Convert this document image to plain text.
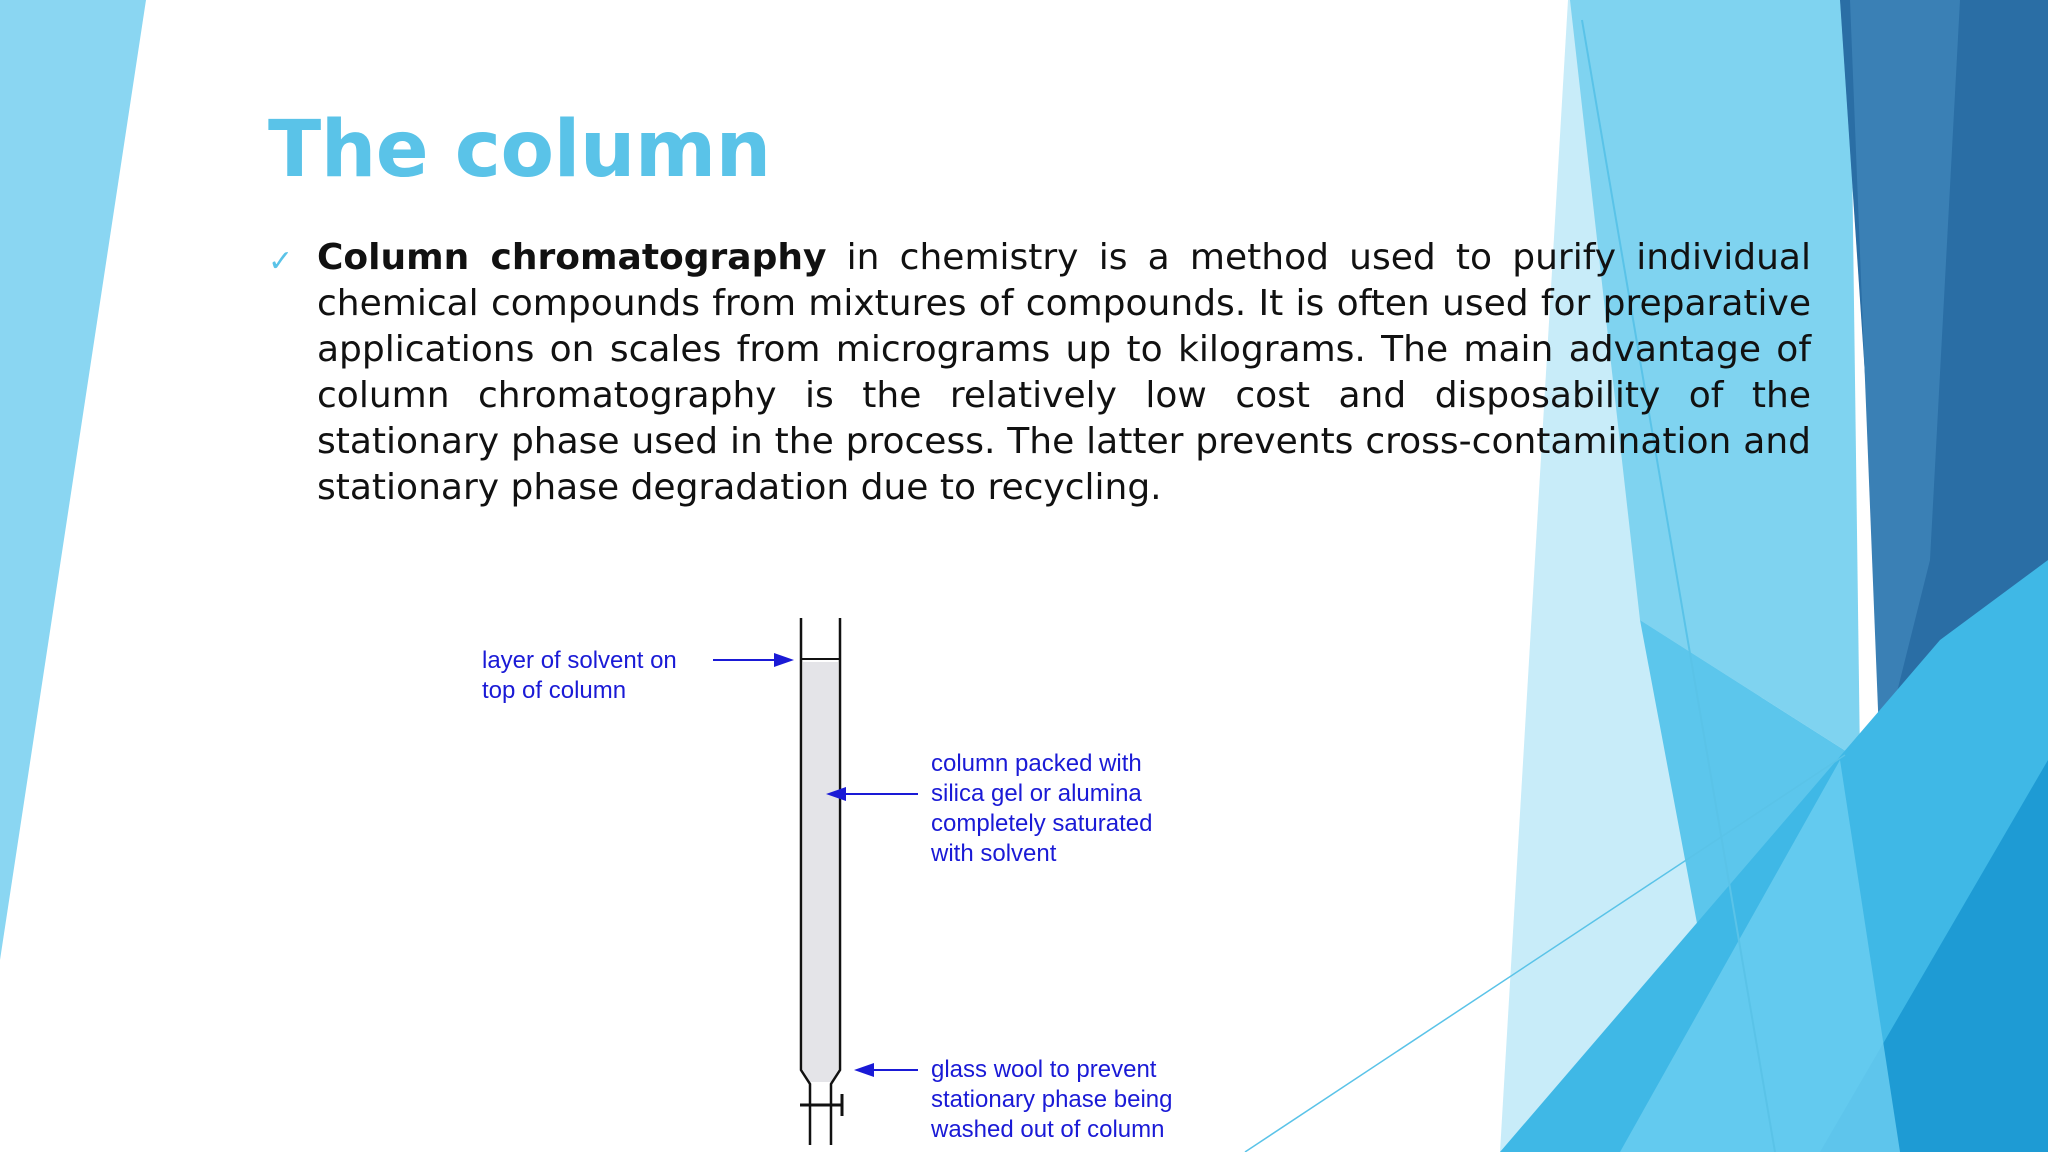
The column
✓ Column chromatography in chemistry is a method used to purify individual chemical compounds from mixtures of compounds. It is often used for preparative applications on scales from micrograms up to kilograms. The main advantage of column chromatography is the relatively low cost and disposability of the stationary phase used in the process. The latter prevents cross-contamination and stationary phase degradation due to recycling.

layer of solvent on
top of column
column packed with
silica gel or alumina
completely saturated
with solvent
glass wool to prevent
stationary phase being
washed out of column
